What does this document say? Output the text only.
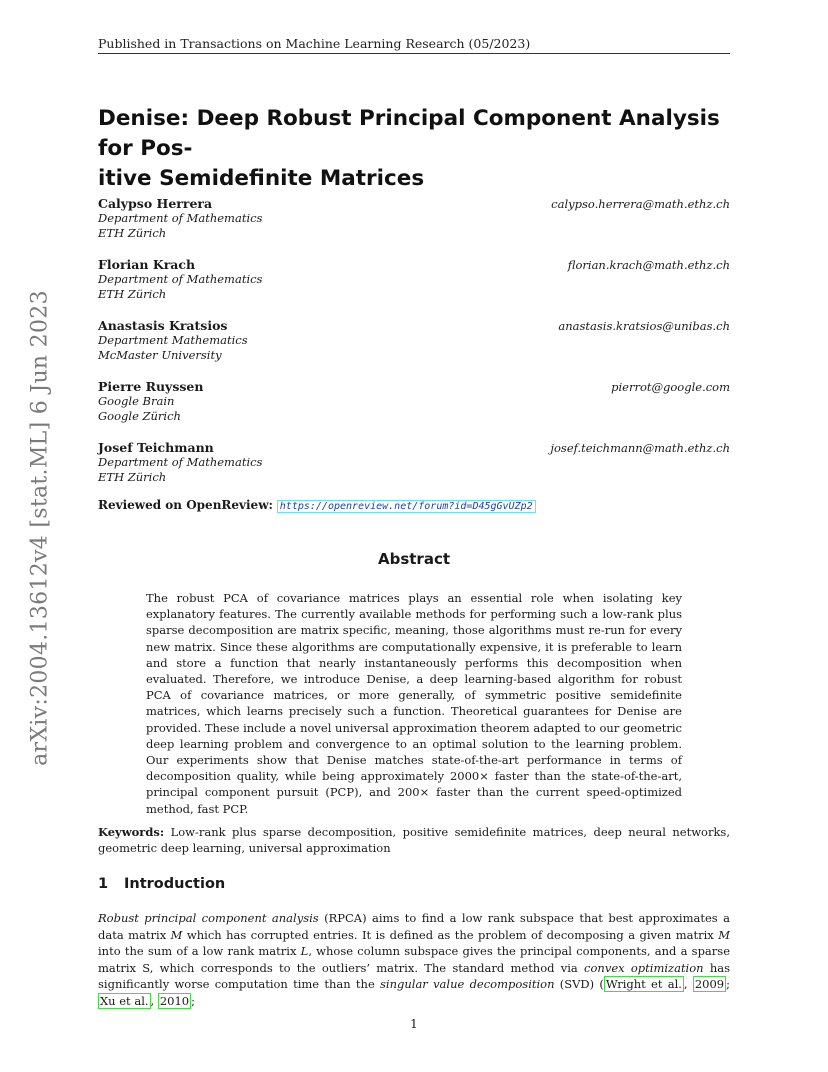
arXiv:2004.13612v4 [stat.ML] 6 Jun 2023
Published in Transactions on Machine Learning Research (05/2023)
Denise: Deep Robust Principal Component Analysis for Pos-
itive Semidefinite Matrices
Calypso Herrera
Department of Mathematics
ETH Zürich
calypso.herrera@math.ethz.ch
Florian Krach
Department of Mathematics
ETH Zürich
florian.krach@math.ethz.ch
Anastasis Kratsios
Department Mathematics
McMaster University
anastasis.kratsios@unibas.ch
Pierre Ruyssen
Google Brain
Google Zürich
pierrot@google.com
Josef Teichmann
Department of Mathematics
ETH Zürich
josef.teichmann@math.ethz.ch
Reviewed on OpenReview: https://openreview.net/forum?id=D45gGvUZp2
Abstract

The robust PCA of covariance matrices plays an essential role when isolating key explanatory features. The currently available methods for performing such a low-rank plus sparse decomposition are matrix specific, meaning, those algorithms must re-run for every new matrix. Since these algorithms are computationally expensive, it is preferable to learn and store a function that nearly instantaneously performs this decomposition when evaluated. Therefore, we introduce Denise, a deep learning-based algorithm for robust PCA of covariance matrices, or more generally, of symmetric positive semidefinite matrices, which learns precisely such a function. Theoretical guarantees for Denise are provided. These include a novel universal approximation theorem adapted to our geometric deep learning problem and convergence to an optimal solution to the learning problem. Our experiments show that Denise matches state-of-the-art performance in terms of decomposition quality, while being approximately 2000× faster than the state-of-the-art, principal component pursuit (PCP), and 200× faster than the current speed-optimized method, fast PCP.

Keywords: Low-rank plus sparse decomposition, positive semidefinite matrices, deep neural networks, geometric deep learning, universal approximation

1 Introduction

Robust principal component analysis (RPCA) aims to find a low rank subspace that best approximates a data matrix M which has corrupted entries. It is defined as the problem of decomposing a given matrix M into the sum of a low rank matrix L, whose column subspace gives the principal components, and a sparse matrix S, which corresponds to the outliers’ matrix. The standard method via convex optimization has significantly worse computation time than the singular value decomposition (SVD) ( Wright et al. , 2009 ; Xu et al. , 2010 ;

1
